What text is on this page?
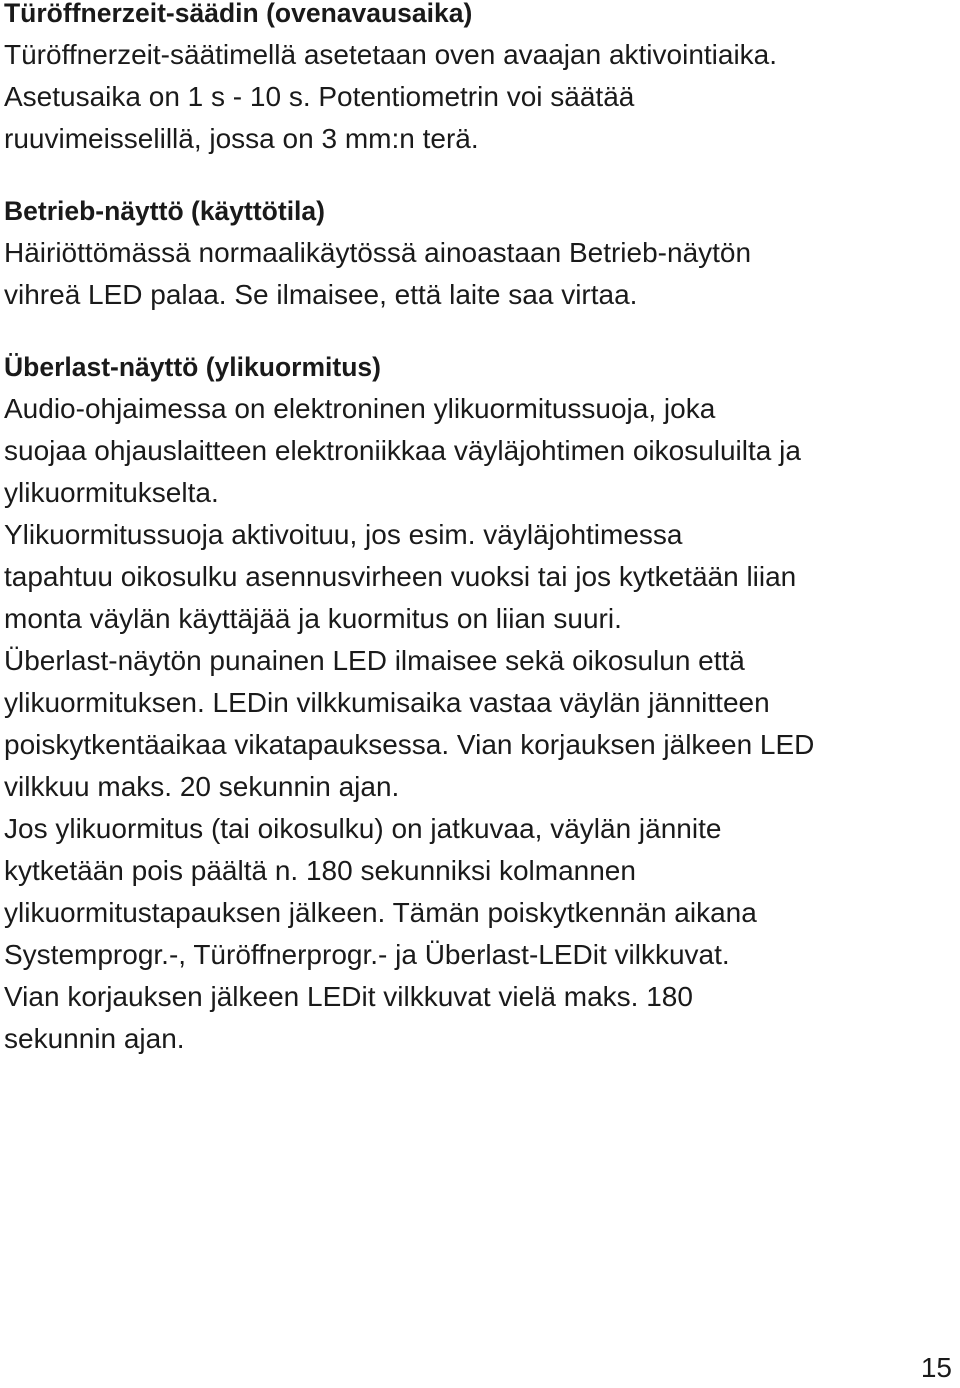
Türöffnerzeit-säädin (ovenavausaika)

Türöffnerzeit-säätimellä asetetaan oven avaajan aktivointiaika.
Asetusaika on 1 s - 10 s. Potentiometrin voi säätää
ruuvimeisselillä, jossa on 3 mm:n terä.

Betrieb-näyttö (käyttötila)

Häiriöttömässä normaalikäytössä ainoastaan Betrieb-näytön
vihreä LED palaa. Se ilmaisee, että laite saa virtaa.

Überlast-näyttö (ylikuormitus)

Audio-ohjaimessa on elektroninen ylikuormitussuoja, joka
suojaa ohjauslaitteen elektroniikkaa väyläjohtimen oikosuluilta ja
ylikuormitukselta.

Ylikuormitussuoja aktivoituu, jos esim. väyläjohtimessa
tapahtuu oikosulku asennusvirheen vuoksi tai jos kytketään liian
monta väylän käyttäjää ja kuormitus on liian suuri.

Überlast-näytön punainen LED ilmaisee sekä oikosulun että
ylikuormituksen. LEDin vilkkumisaika vastaa väylän jännitteen
poiskytkentäaikaa vikatapauksessa. Vian korjauksen jälkeen LED
vilkkuu maks. 20 sekunnin ajan.

Jos ylikuormitus (tai oikosulku) on jatkuvaa, väylän jännite
kytketään pois päältä n. 180 sekunniksi kolmannen
ylikuormitustapauksen jälkeen. Tämän poiskytkennän aikana
Systemprogr.-, Türöffnerprogr.- ja Überlast-LEDit vilkkuvat.
Vian korjauksen jälkeen LEDit vilkkuvat vielä maks. 180
sekunnin ajan.

15
